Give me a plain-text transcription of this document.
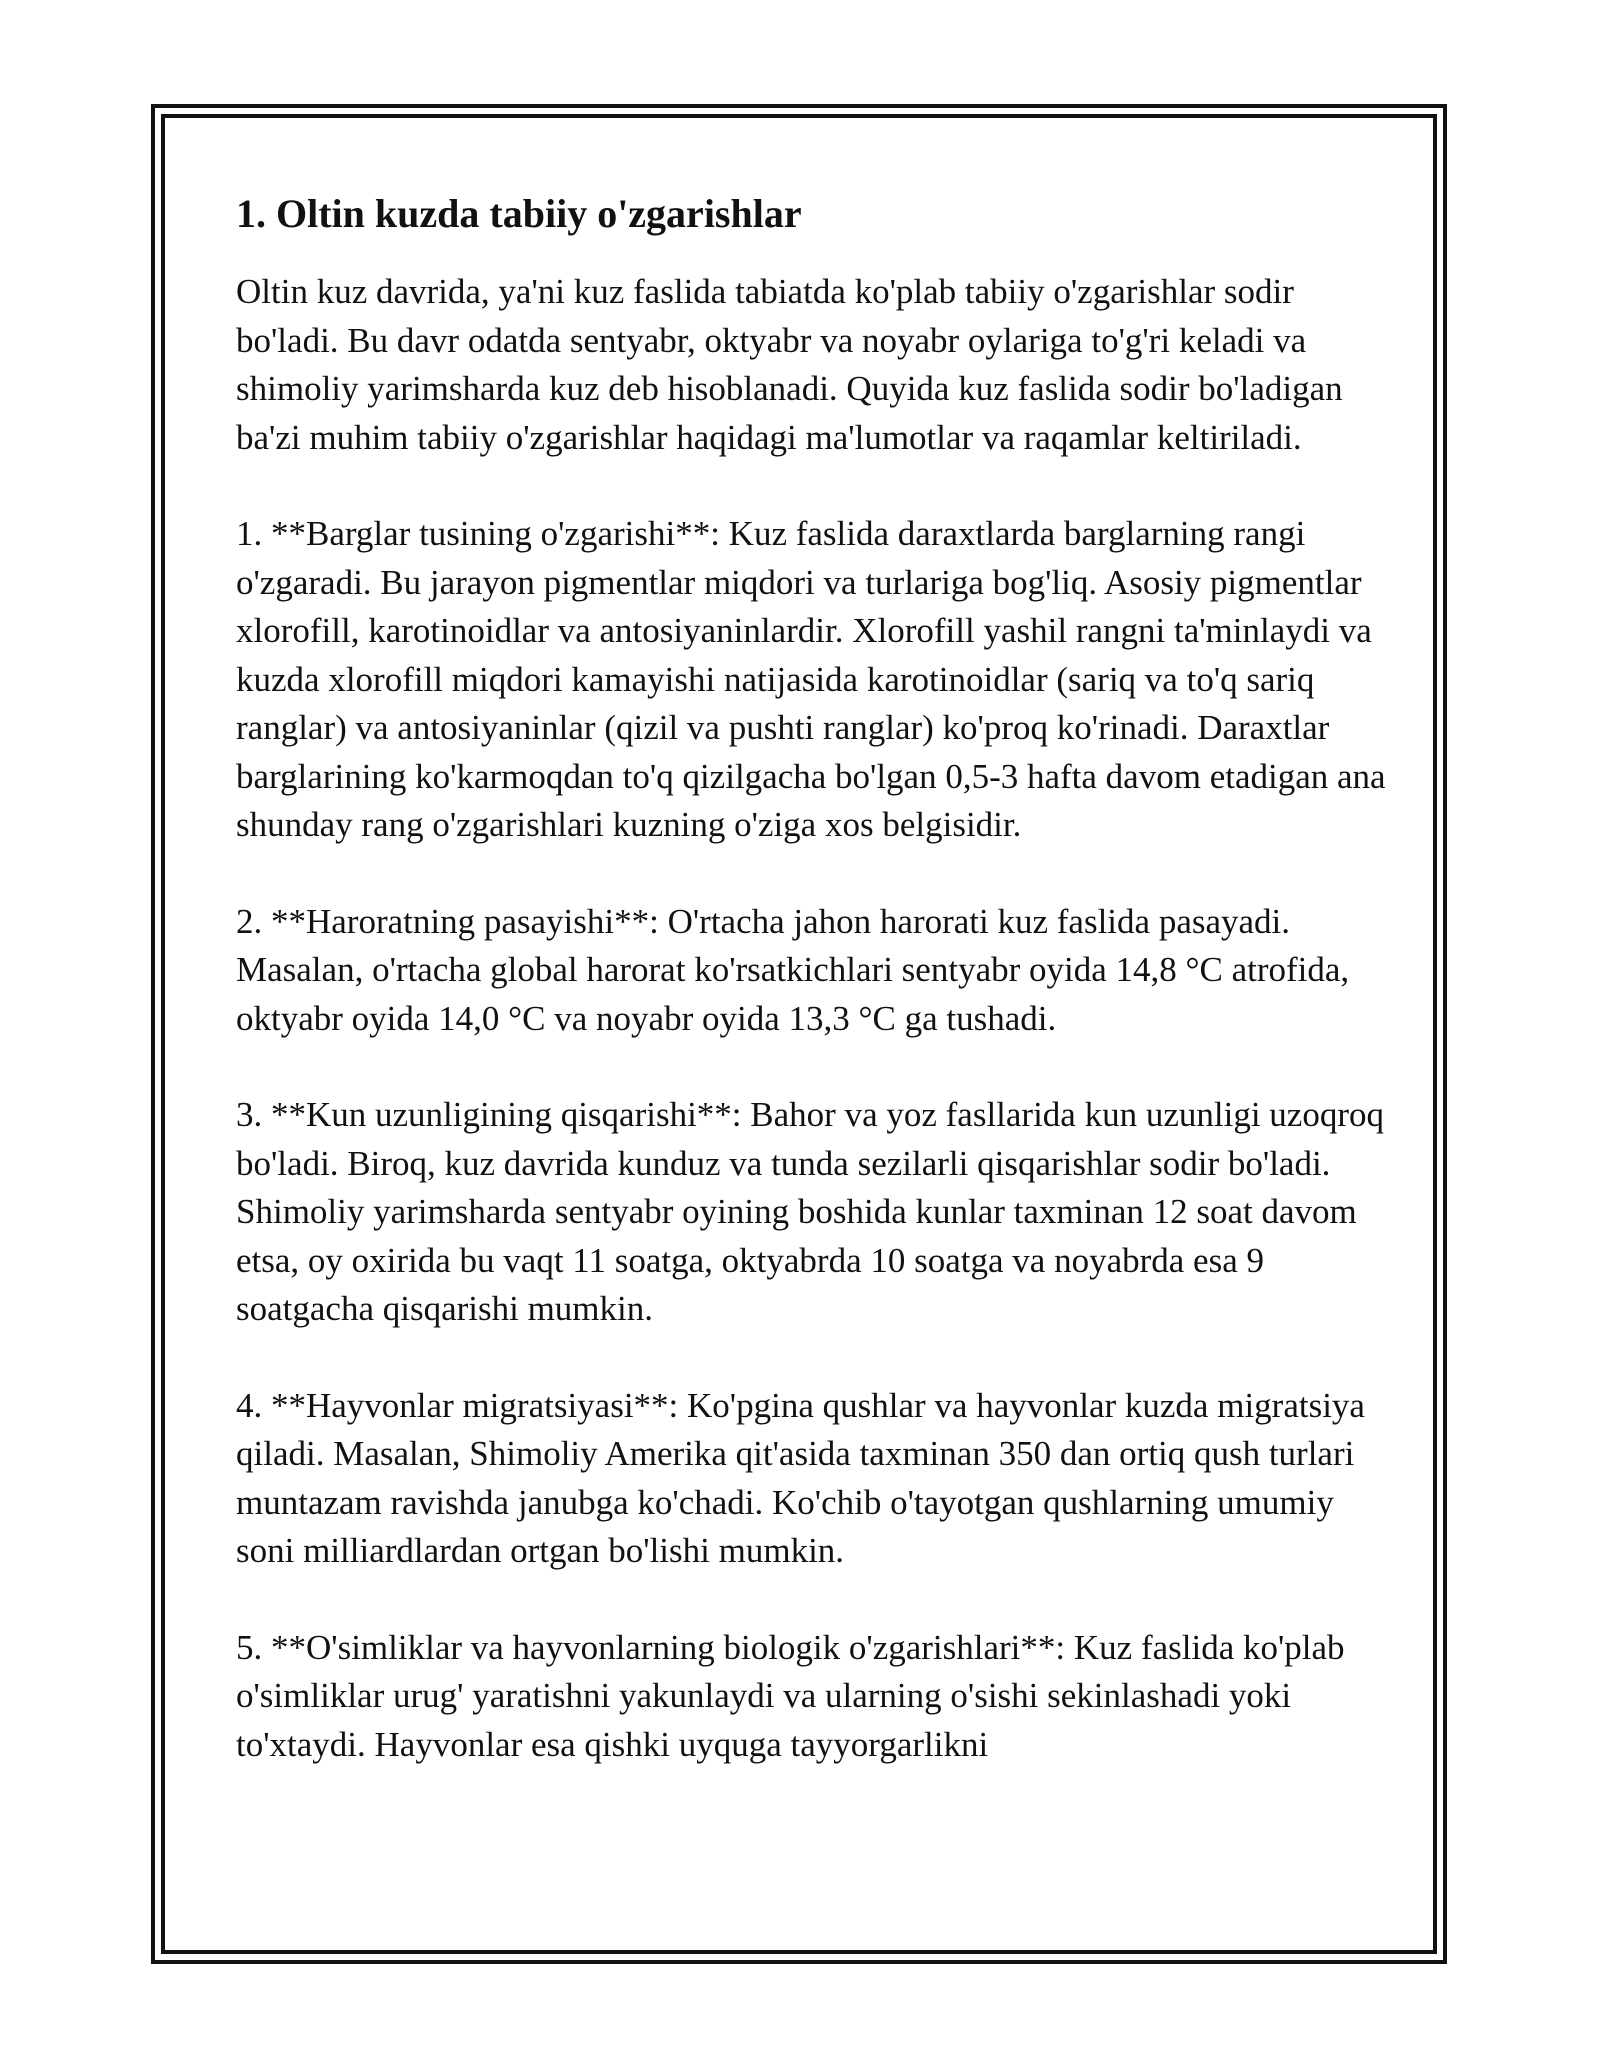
1. Oltin kuzda tabiiy o'zgarishlar

Oltin kuz davrida, ya'ni kuz faslida tabiatda ko'plab tabiiy o'zgarishlar sodir bo'ladi. Bu davr odatda sentyabr, oktyabr va noyabr oylariga to'g'ri keladi va shimoliy yarimsharda kuz deb hisoblanadi. Quyida kuz faslida sodir bo'ladigan ba'zi muhim tabiiy o'zgarishlar haqidagi ma'lumotlar va raqamlar keltiriladi.

1. **Barglar tusining o'zgarishi**: Kuz faslida daraxtlarda barglarning rangi o'zgaradi. Bu jarayon pigmentlar miqdori va turlariga bog'liq. Asosiy pigmentlar xlorofill, karotinoidlar va antosiyaninlardir. Xlorofill yashil rangni ta'minlaydi va kuzda xlorofill miqdori kamayishi natijasida karotinoidlar (sariq va to'q sariq ranglar) va antosiyaninlar (qizil va pushti ranglar) ko'proq ko'rinadi. Daraxtlar barglarining ko'karmoqdan to'q qizilgacha bo'lgan 0,5-3 hafta davom etadigan ana shunday rang o'zgarishlari kuzning o'ziga xos belgisidir.

2. **Haroratning pasayishi**: O'rtacha jahon harorati kuz faslida pasayadi. Masalan, o'rtacha global harorat ko'rsatkichlari sentyabr oyida 14,8 °C atrofida, oktyabr oyida 14,0 °C va noyabr oyida 13,3 °C ga tushadi.

3. **Kun uzunligining qisqarishi**: Bahor va yoz fasllarida kun uzunligi uzoqroq bo'ladi. Biroq, kuz davrida kunduz va tunda sezilarli qisqarishlar sodir bo'ladi. Shimoliy yarimsharda sentyabr oyining boshida kunlar taxminan 12 soat davom etsa, oy oxirida bu vaqt 11 soatga, oktyabrda 10 soatga va noyabrda esa 9 soatgacha qisqarishi mumkin.

4. **Hayvonlar migratsiyasi**: Ko'pgina qushlar va hayvonlar kuzda migratsiya qiladi. Masalan, Shimoliy Amerika qit'asida taxminan 350 dan ortiq qush turlari muntazam ravishda janubga ko'chadi. Ko'chib o'tayotgan qushlarning umumiy soni milliardlardan ortgan bo'lishi mumkin.

5. **O'simliklar va hayvonlarning biologik o'zgarishlari**: Kuz faslida ko'plab o'simliklar urug' yaratishni yakunlaydi va ularning o'sishi sekinlashadi yoki to'xtaydi. Hayvonlar esa qishki uyquga tayyorgarlikni
